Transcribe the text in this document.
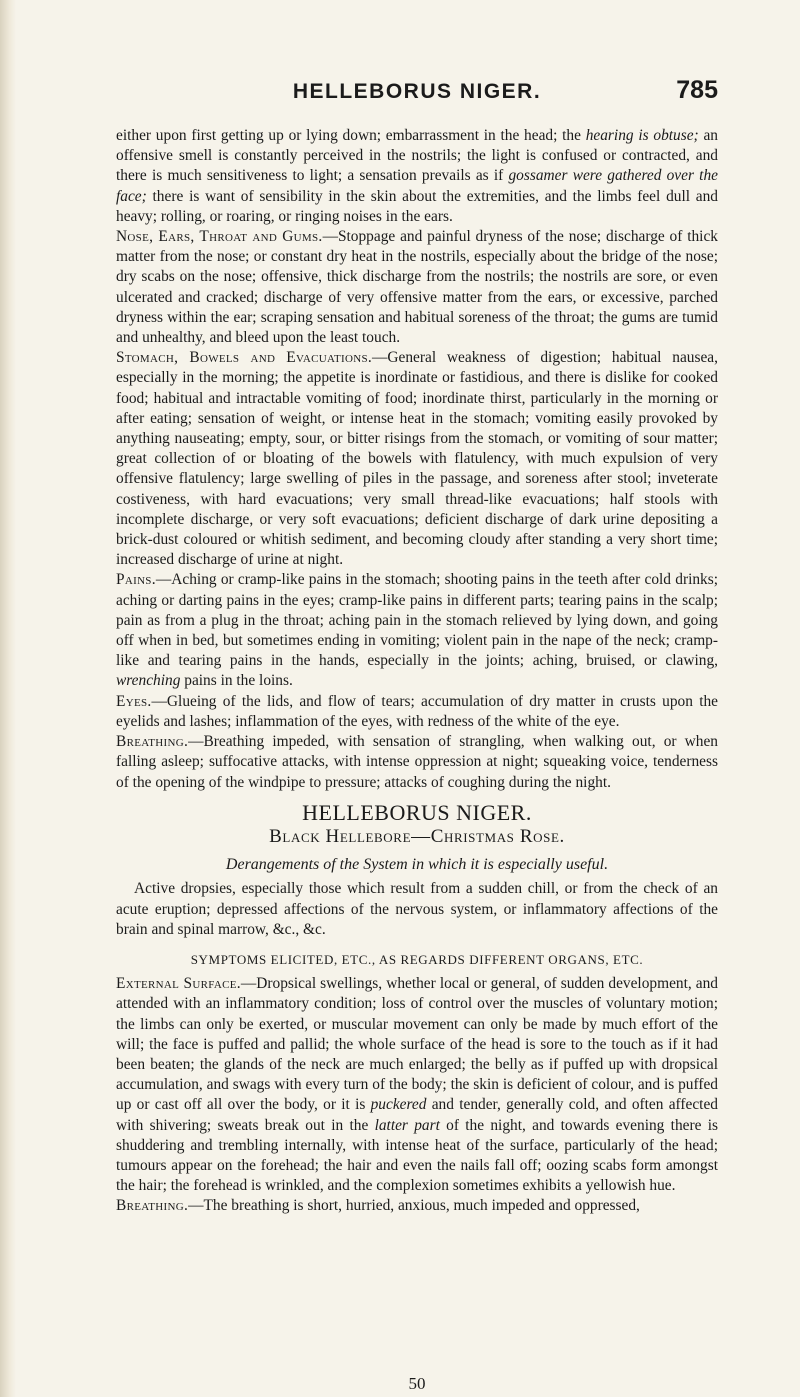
HELLEBORUS NIGER.	785

either upon first getting up or lying down; embarrassment in the head; the hearing is obtuse; an offensive smell is constantly perceived in the nostrils; the light is confused or contracted, and there is much sensitiveness to light; a sensation prevails as if gossamer were gathered over the face; there is want of sensibility in the skin about the extremities, and the limbs feel dull and heavy; rolling, or roaring, or ringing noises in the ears.

Nose, Ears, Throat and Gums.—Stoppage and painful dryness of the nose; discharge of thick matter from the nose; or constant dry heat in the nostrils, especially about the bridge of the nose; dry scabs on the nose; offensive, thick discharge from the nostrils; the nostrils are sore, or even ulcerated and cracked; discharge of very offensive matter from the ears, or excessive, parched dryness within the ear; scraping sensation and habitual soreness of the throat; the gums are tumid and unhealthy, and bleed upon the least touch.

Stomach, Bowels and Evacuations.—General weakness of digestion; habitual nausea, especially in the morning; the appetite is inordinate or fastidious, and there is dislike for cooked food; habitual and intractable vomiting of food; inordinate thirst, particularly in the morning or after eating; sensation of weight, or intense heat in the stomach; vomiting easily provoked by anything nauseating; empty, sour, or bitter risings from the stomach, or vomiting of sour matter; great collection of or bloating of the bowels with flatulency, with much expulsion of very offensive flatulency; large swelling of piles in the passage, and soreness after stool; inveterate costiveness, with hard evacuations; very small thread-like evacuations; half stools with incomplete discharge, or very soft evacuations; deficient discharge of dark urine depositing a brick-dust coloured or whitish sediment, and becoming cloudy after standing a very short time; increased discharge of urine at night.

Pains.—Aching or cramp-like pains in the stomach; shooting pains in the teeth after cold drinks; aching or darting pains in the eyes; cramp-like pains in different parts; tearing pains in the scalp; pain as from a plug in the throat; aching pain in the stomach relieved by lying down, and going off when in bed, but sometimes ending in vomiting; violent pain in the nape of the neck; cramp-like and tearing pains in the hands, especially in the joints; aching, bruised, or clawing, wrenching pains in the loins.

Eyes.—Glueing of the lids, and flow of tears; accumulation of dry matter in crusts upon the eyelids and lashes; inflammation of the eyes, with redness of the white of the eye.

Breathing.—Breathing impeded, with sensation of strangling, when walking out, or when falling asleep; suffocative attacks, with intense oppression at night; squeaking voice, tenderness of the opening of the windpipe to pressure; attacks of coughing during the night.

HELLEBORUS NIGER.
Black Hellebore—Christmas Rose.
Derangements of the System in which it is especially useful.

Active dropsies, especially those which result from a sudden chill, or from the check of an acute eruption; depressed affections of the nervous system, or inflammatory affections of the brain and spinal marrow, &c., &c.

SYMPTOMS ELICITED, ETC., AS REGARDS DIFFERENT ORGANS, ETC.

External Surface.—Dropsical swellings, whether local or general, of sudden development, and attended with an inflammatory condition; loss of control over the muscles of voluntary motion; the limbs can only be exerted, or muscular movement can only be made by much effort of the will; the face is puffed and pallid; the whole surface of the head is sore to the touch as if it had been beaten; the glands of the neck are much enlarged; the belly as if puffed up with dropsical accumulation, and swags with every turn of the body; the skin is deficient of colour, and is puffed up or cast off all over the body, or it is puckered and tender, generally cold, and often affected with shivering; sweats break out in the latter part of the night, and towards evening there is shuddering and trembling internally, with intense heat of the surface, particularly of the head; tumours appear on the forehead; the hair and even the nails fall off; oozing scabs form amongst the hair; the forehead is wrinkled, and the complexion sometimes exhibits a yellowish hue.

Breathing.—The breathing is short, hurried, anxious, much impeded and oppressed,

50
